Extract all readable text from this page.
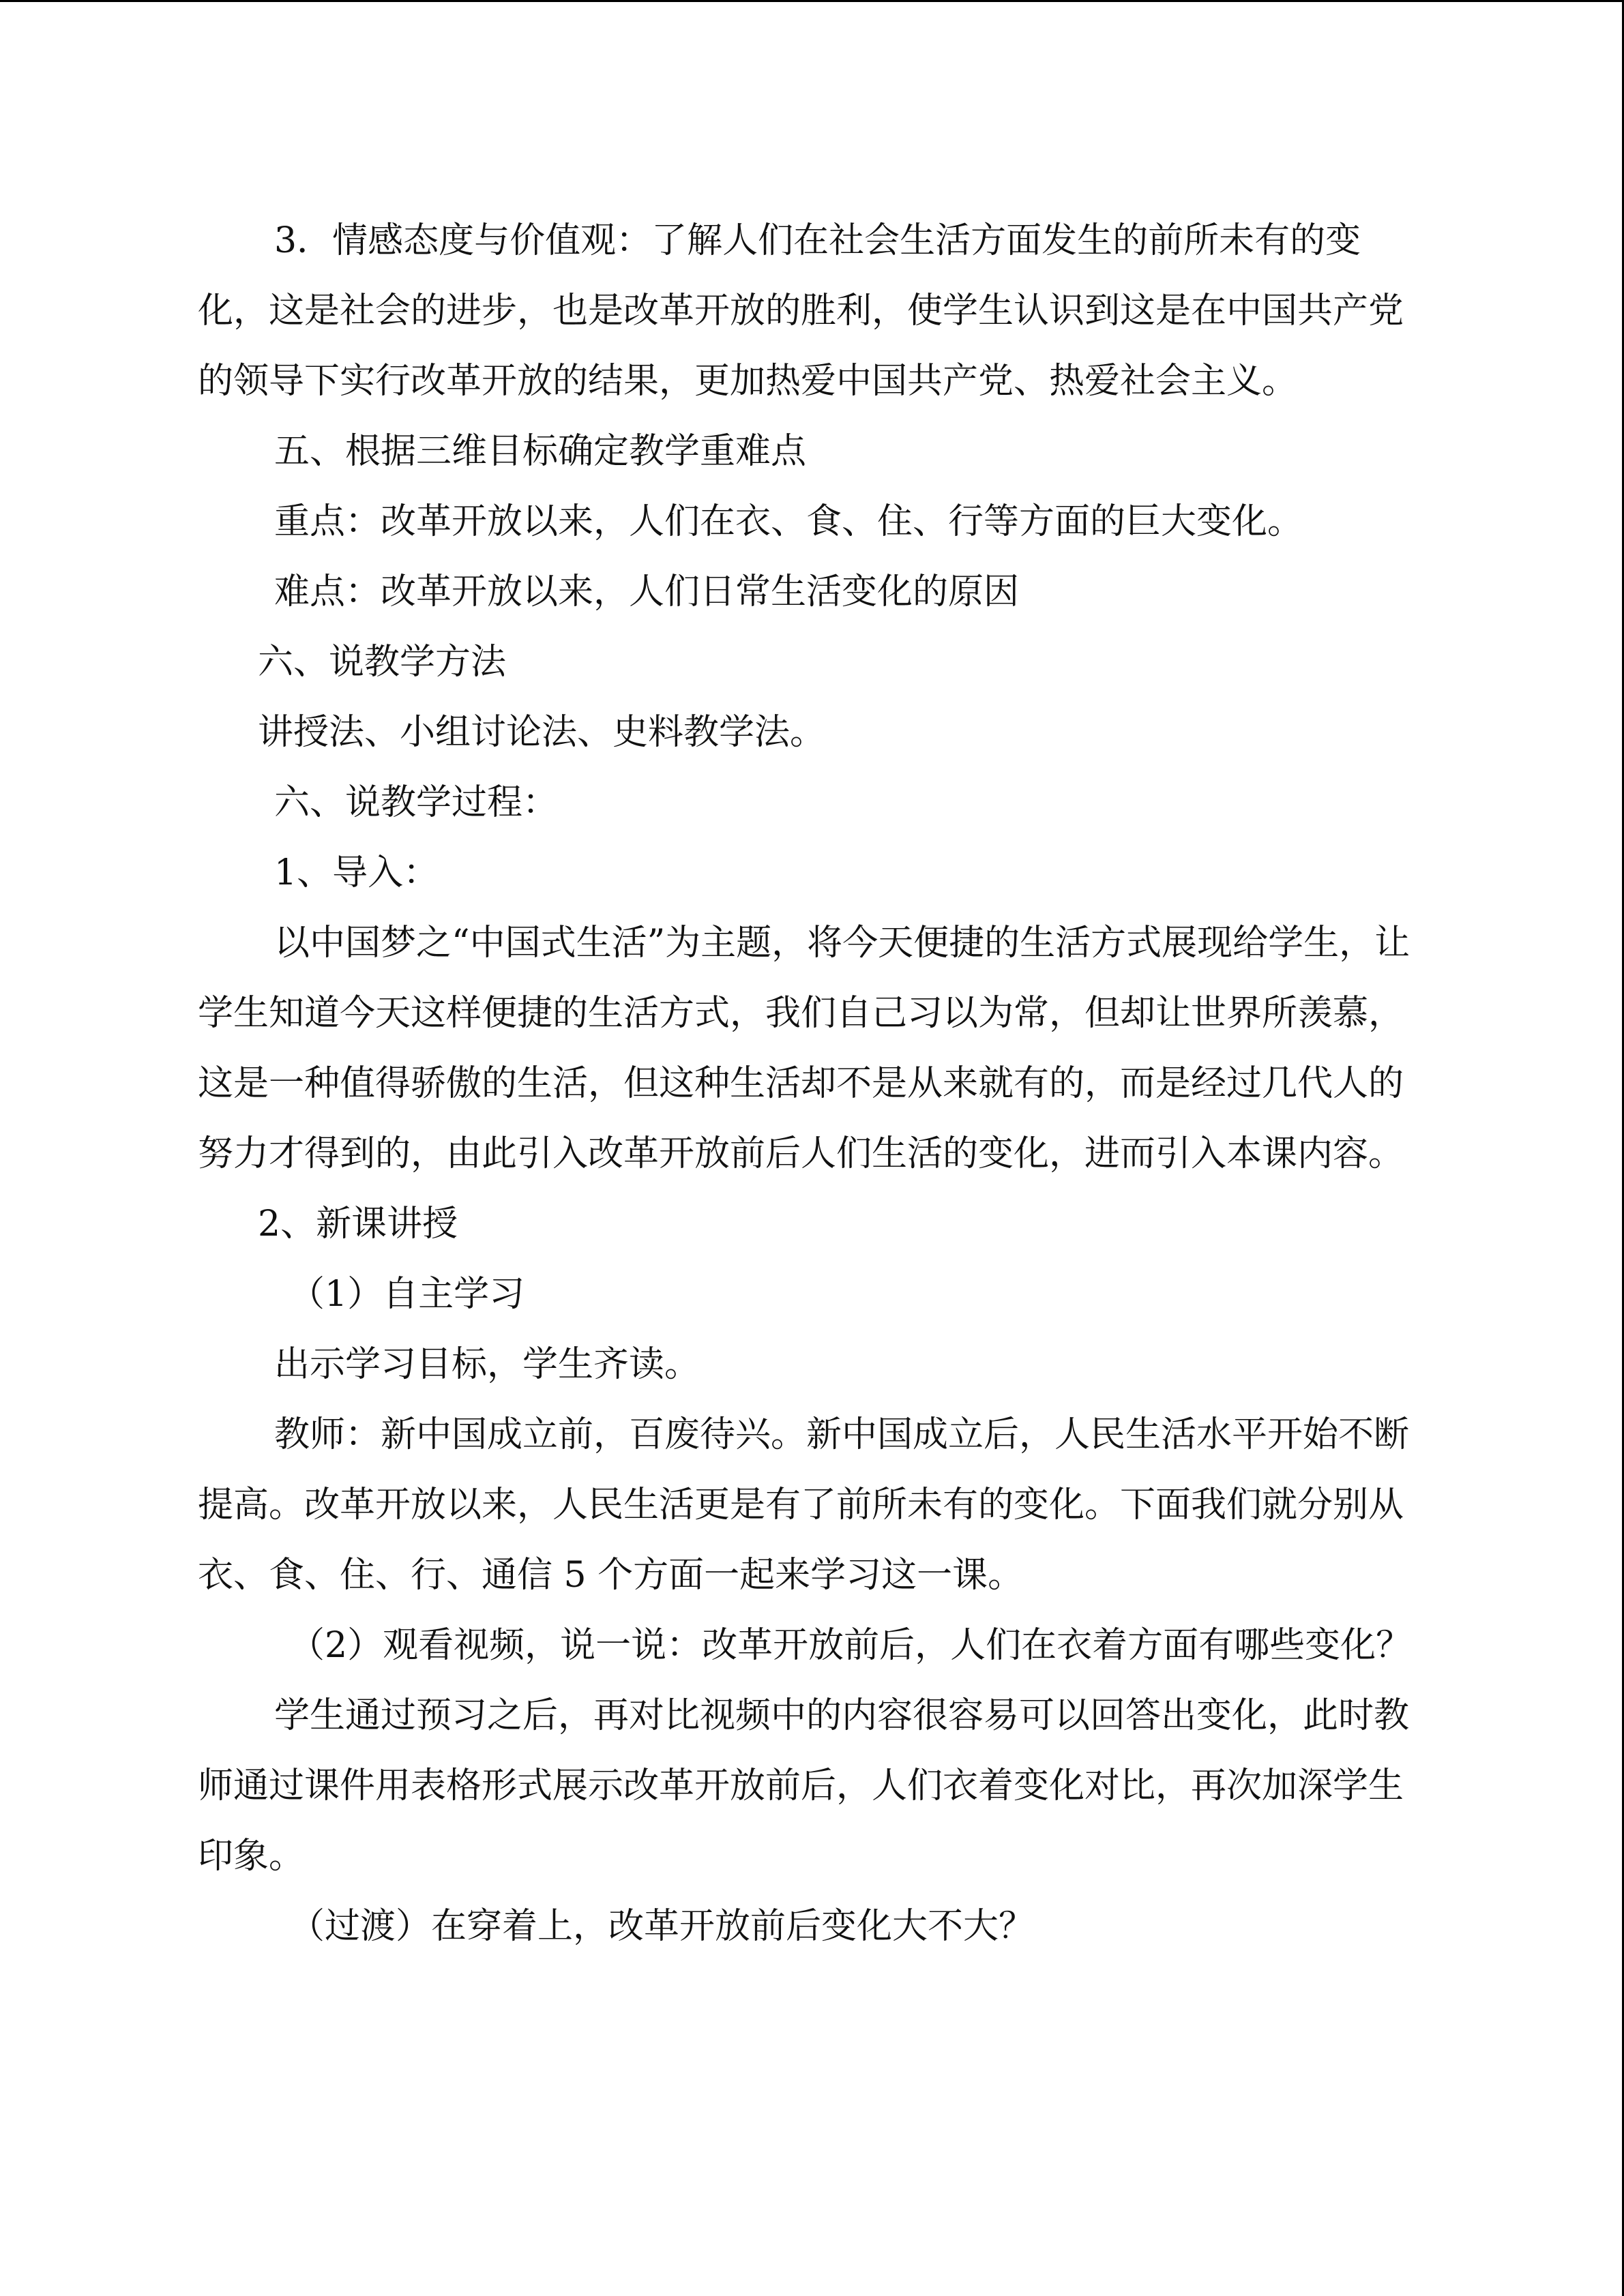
3．情感态度与价值观：了解人们在社会生活方面发生的前所未有的变化，这是社会的进步，也是改革开放的胜利，使学生认识到这是在中国共产党的领导下实行改革开放的结果，更加热爱中国共产党、热爱社会主义。

五、根据三维目标确定教学重难点

重点：改革开放以来，人们在衣、食、住、行等方面的巨大变化。

难点：改革开放以来，人们日常生活变化的原因

六、说教学方法

讲授法、小组讨论法、史料教学法。

六、说教学过程：

1、导入：

以中国梦之“中国式生活”为主题，将今天便捷的生活方式展现给学生，让学生知道今天这样便捷的生活方式，我们自己习以为常，但却让世界所羡慕，这是一种值得骄傲的生活，但这种生活却不是从来就有的，而是经过几代人的努力才得到的，由此引入改革开放前后人们生活的变化，进而引入本课内容。

2、新课讲授

（1）自主学习

出示学习目标，学生齐读。

教师：新中国成立前，百废待兴。新中国成立后，人民生活水平开始不断提高。改革开放以来，人民生活更是有了前所未有的变化。下面我们就分别从衣、食、住、行、通信 5 个方面一起来学习这一课。

（2）观看视频，说一说：改革开放前后，人们在衣着方面有哪些变化？

学生通过预习之后，再对比视频中的内容很容易可以回答出变化，此时教师通过课件用表格形式展示改革开放前后，人们衣着变化对比，再次加深学生印象。

（过渡）在穿着上，改革开放前后变化大不大？
